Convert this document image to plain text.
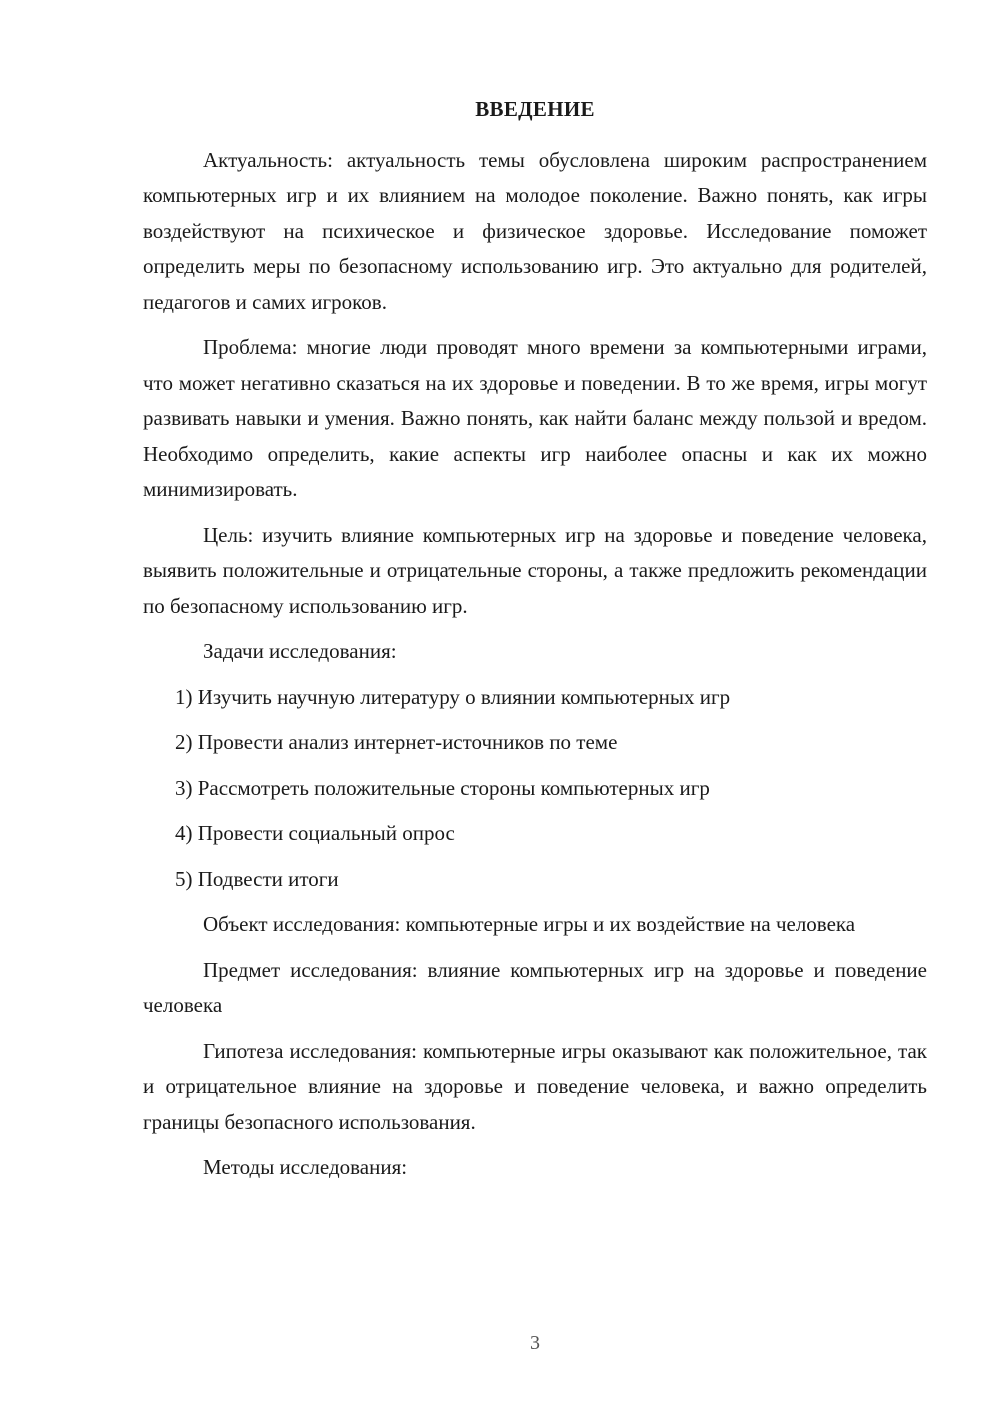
ВВЕДЕНИЕ

Актуальность: актуальность темы обусловлена широким распространением компьютерных игр и их влиянием на молодое поколение. Важно понять, как игры воздействуют на психическое и физическое здоровье. Исследование поможет определить меры по безопасному использованию игр. Это актуально для родителей, педагогов и самих игроков.

Проблема: многие люди проводят много времени за компьютерными играми, что может негативно сказаться на их здоровье и поведении. В то же время, игры могут развивать навыки и умения. Важно понять, как найти баланс между пользой и вредом. Необходимо определить, какие аспекты игр наиболее опасны и как их можно минимизировать.

Цель: изучить влияние компьютерных игр на здоровье и поведение человека, выявить положительные и отрицательные стороны, а также предложить рекомендации по безопасному использованию игр.

Задачи исследования:

1) Изучить научную литературу о влиянии компьютерных игр
2) Провести анализ интернет-источников по теме
3) Рассмотреть положительные стороны компьютерных игр
4) Провести социальный опрос
5) Подвести итоги

Объект исследования: компьютерные игры и их воздействие на человека

Предмет исследования: влияние компьютерных игр на здоровье и поведение человека

Гипотеза исследования: компьютерные игры оказывают как положительное, так и отрицательное влияние на здоровье и поведение человека, и важно определить границы безопасного использования.

Методы исследования:

3
